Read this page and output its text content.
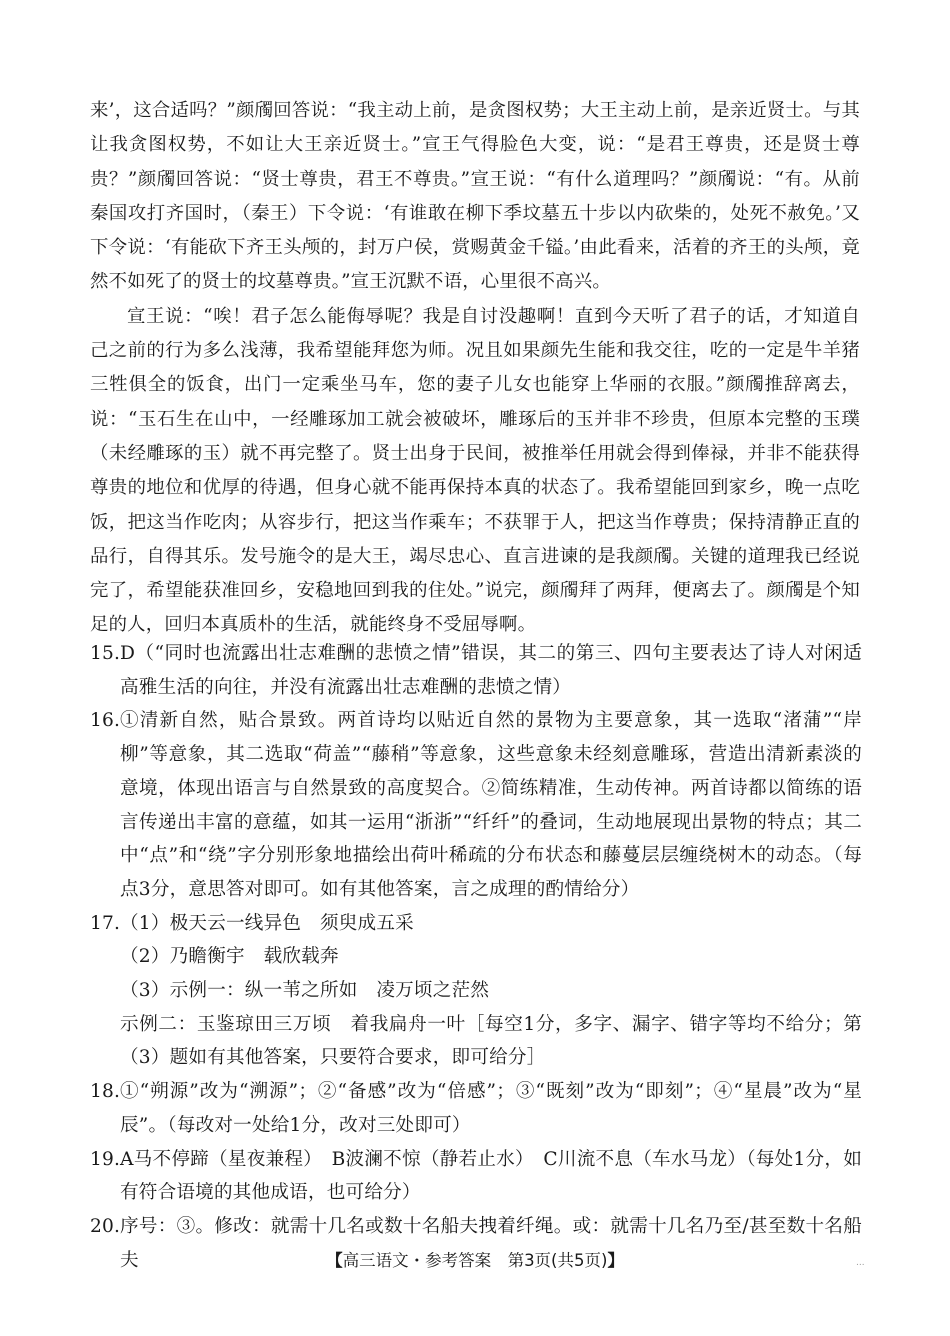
来’，这合适吗？”颜斶回答说：“我主动上前，是贪图权势；大王主动上前，是亲近贤士。与其让我贪图权势，不如让大王亲近贤士。”宣王气得脸色大变，说：“是君王尊贵，还是贤士尊贵？”颜斶回答说：“贤士尊贵，君王不尊贵。”宣王说：“有什么道理吗？”颜斶说：“有。从前秦国攻打齐国时，（秦王）下令说：‘有谁敢在柳下季坟墓五十步以内砍柴的，处死不赦免。’又下令说：‘有能砍下齐王头颅的，封万户侯，赏赐黄金千镒。’由此看来，活着的齐王的头颅，竟然不如死了的贤士的坟墓尊贵。”宣王沉默不语，心里很不高兴。

宣王说：“唉！君子怎么能侮辱呢？我是自讨没趣啊！直到今天听了君子的话，才知道自己之前的行为多么浅薄，我希望能拜您为师。况且如果颜先生能和我交往，吃的一定是牛羊猪三牲俱全的饭食，出门一定乘坐马车，您的妻子儿女也能穿上华丽的衣服。”颜斶推辞离去，说：“玉石生在山中，一经雕琢加工就会被破坏，雕琢后的玉并非不珍贵，但原本完整的玉璞（未经雕琢的玉）就不再完整了。贤士出身于民间，被推举任用就会得到俸禄，并非不能获得尊贵的地位和优厚的待遇，但身心就不能再保持本真的状态了。我希望能回到家乡，晚一点吃饭，把这当作吃肉；从容步行，把这当作乘车；不获罪于人，把这当作尊贵；保持清静正直的品行，自得其乐。发号施令的是大王，竭尽忠心、直言进谏的是我颜斶。关键的道理我已经说完了，希望能获准回乡，安稳地回到我的住处。”说完，颜斶拜了两拜，便离去了。颜斶是个知足的人，回归本真质朴的生活，就能终身不受屈辱啊。

15. D（“同时也流露出壮志难酬的悲愤之情”错误，其二的第三、四句主要表达了诗人对闲适高雅生活的向往，并没有流露出壮志难酬的悲愤之情）
16. ①清新自然，贴合景致。两首诗均以贴近自然的景物为主要意象，其一选取“渚蒲”“岸柳”等意象，其二选取“荷盖”“藤稍”等意象，这些意象未经刻意雕琢，营造出清新素淡的意境，体现出语言与自然景致的高度契合。②简练精准，生动传神。两首诗都以简练的语言传递出丰富的意蕴，如其一运用“浙浙”“纤纤”的叠词，生动地展现出景物的特点；其二中“点”和“绕”字分别形象地描绘出荷叶稀疏的分布状态和藤蔓层层缠绕树木的动态。（每点3分，意思答对即可。如有其他答案，言之成理的酌情给分）
17. （1）极天云一线异色　须臾成五采
（2）乃瞻衡宇　载欣载奔
（3）示例一：纵一苇之所如　凌万顷之茫然
示例二：玉鉴琼田三万顷　着我扁舟一叶［每空1分，多字、漏字、错字等均不给分；第（3）题如有其他答案，只要符合要求，即可给分］
18. ①“朔源”改为“溯源”；②“备感”改为“倍感”；③“既刻”改为“即刻”；④“星晨”改为“星辰”。（每改对一处给1分，改对三处即可）
19. A马不停蹄（星夜兼程）　B波澜不惊（静若止水）　C川流不息（车水马龙）（每处1分，如有符合语境的其他成语，也可给分）
20. 序号：③。修改：就需十几名或数十名船夫拽着纤绳。或：就需十几名乃至/甚至数十名船夫	【高三语文・参考答案　第3页(共5页)】	...
